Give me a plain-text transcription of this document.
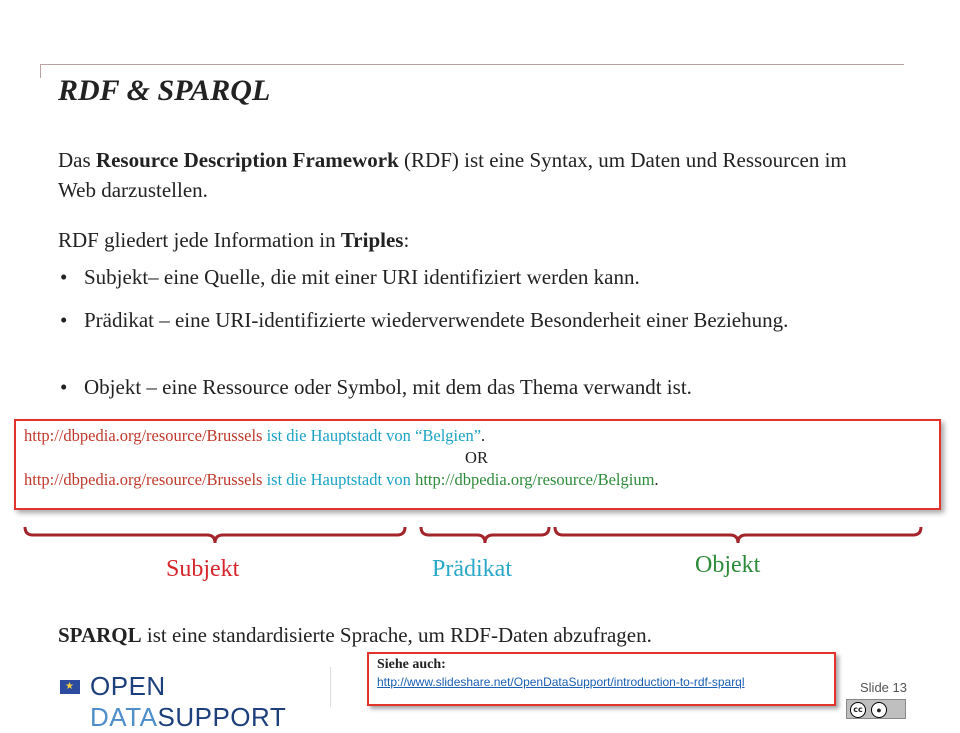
RDF & SPARQL

Das Resource Description Framework (RDF) ist eine Syntax, um Daten und Ressourcen im Web darzustellen.

RDF gliedert jede Information in Triples:

• Subjekt– eine Quelle, die mit einer URI identifiziert werden kann.
• Prädikat – eine URI-identifizierte wiederverwendete Besonderheit einer Beziehung.
• Objekt – eine Ressource oder Symbol, mit dem das Thema verwandt ist.
http://dbpedia.org/resource/Brussels ist die Hauptstadt von “Belgien”.
OR
http://dbpedia.org/resource/Brussels ist die Hauptstadt von http://dbpedia.org/resource/Belgium.
Subjekt	Prädikat	Objekt

SPARQL ist eine standardisierte Sprache, um RDF-Daten abzufragen.

★
OPEN DATASUPPORT
Siehe auch:
http://www.slideshare.net/OpenDataSupport/introduction-to-rdf-sparql	Slide 13
cc	●
